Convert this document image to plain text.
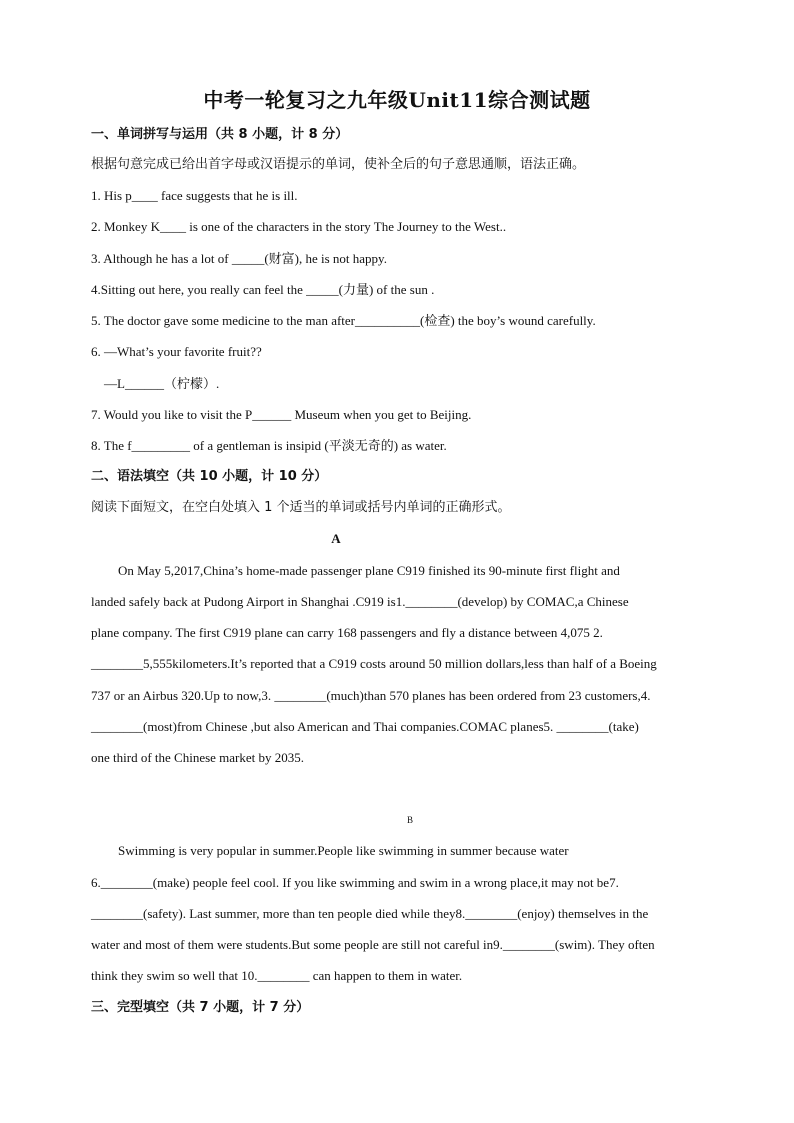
中考一轮复习之九年级Unit11综合测试题
一、单词拼写与运用（共 8 小题，计 8 分）
根据句意完成已给出首字母或汉语提示的单词，使补全后的句子意思通顺，语法正确。
1. His p____ face suggests that he is ill.
2. Monkey K____ is one of the characters in the story The Journey to the West..
3. Although he has a lot of _____(财富), he is not happy.
4.Sitting out here, you really can feel the _____(力量) of the sun .
5. The doctor gave some medicine to the man after__________(检查) the boy’s wound carefully.
6. —What’s your favorite fruit??
—L______（柠檬）.
7. Would you like to visit the P______ Museum when you get to Beijing.
8. The f_________ of a gentleman is insipid (平淡无奇的) as water.
二、语法填空（共 10 小题，计 10 分）
阅读下面短文，在空白处填入 1 个适当的单词或括号内单词的正确形式。
A
On May 5,2017,China’s home-made passenger plane C919 finished its 90-minute first flight and
landed safely back at Pudong Airport in Shanghai .C919 is1.________(develop) by COMAC,a Chinese
plane company. The first C919 plane can carry 168 passengers and fly a distance between 4,075 2.
________5,555kilometers.It’s reported that a C919 costs around 50 million dollars,less than half of a Boeing
737 or an Airbus 320.Up to now,3. ________(much)than 570 planes has been ordered from 23 customers,4.
________(most)from Chinese ,but also American and Thai companies.COMAC planes5. ________(take)
one third of the Chinese market by 2035.
B
Swimming is very popular in summer.People like swimming in summer because water
6.________(make) people feel cool. If you like swimming and swim in a wrong place,it may not be7.
________(safety). Last summer, more than ten people died while they8.________(enjoy) themselves in the
water and most of them were students.But some people are still not careful in9.________(swim). They often
think they swim so well that 10.________ can happen to them in water.
三、完型填空（共 7 小题，计 7 分）
